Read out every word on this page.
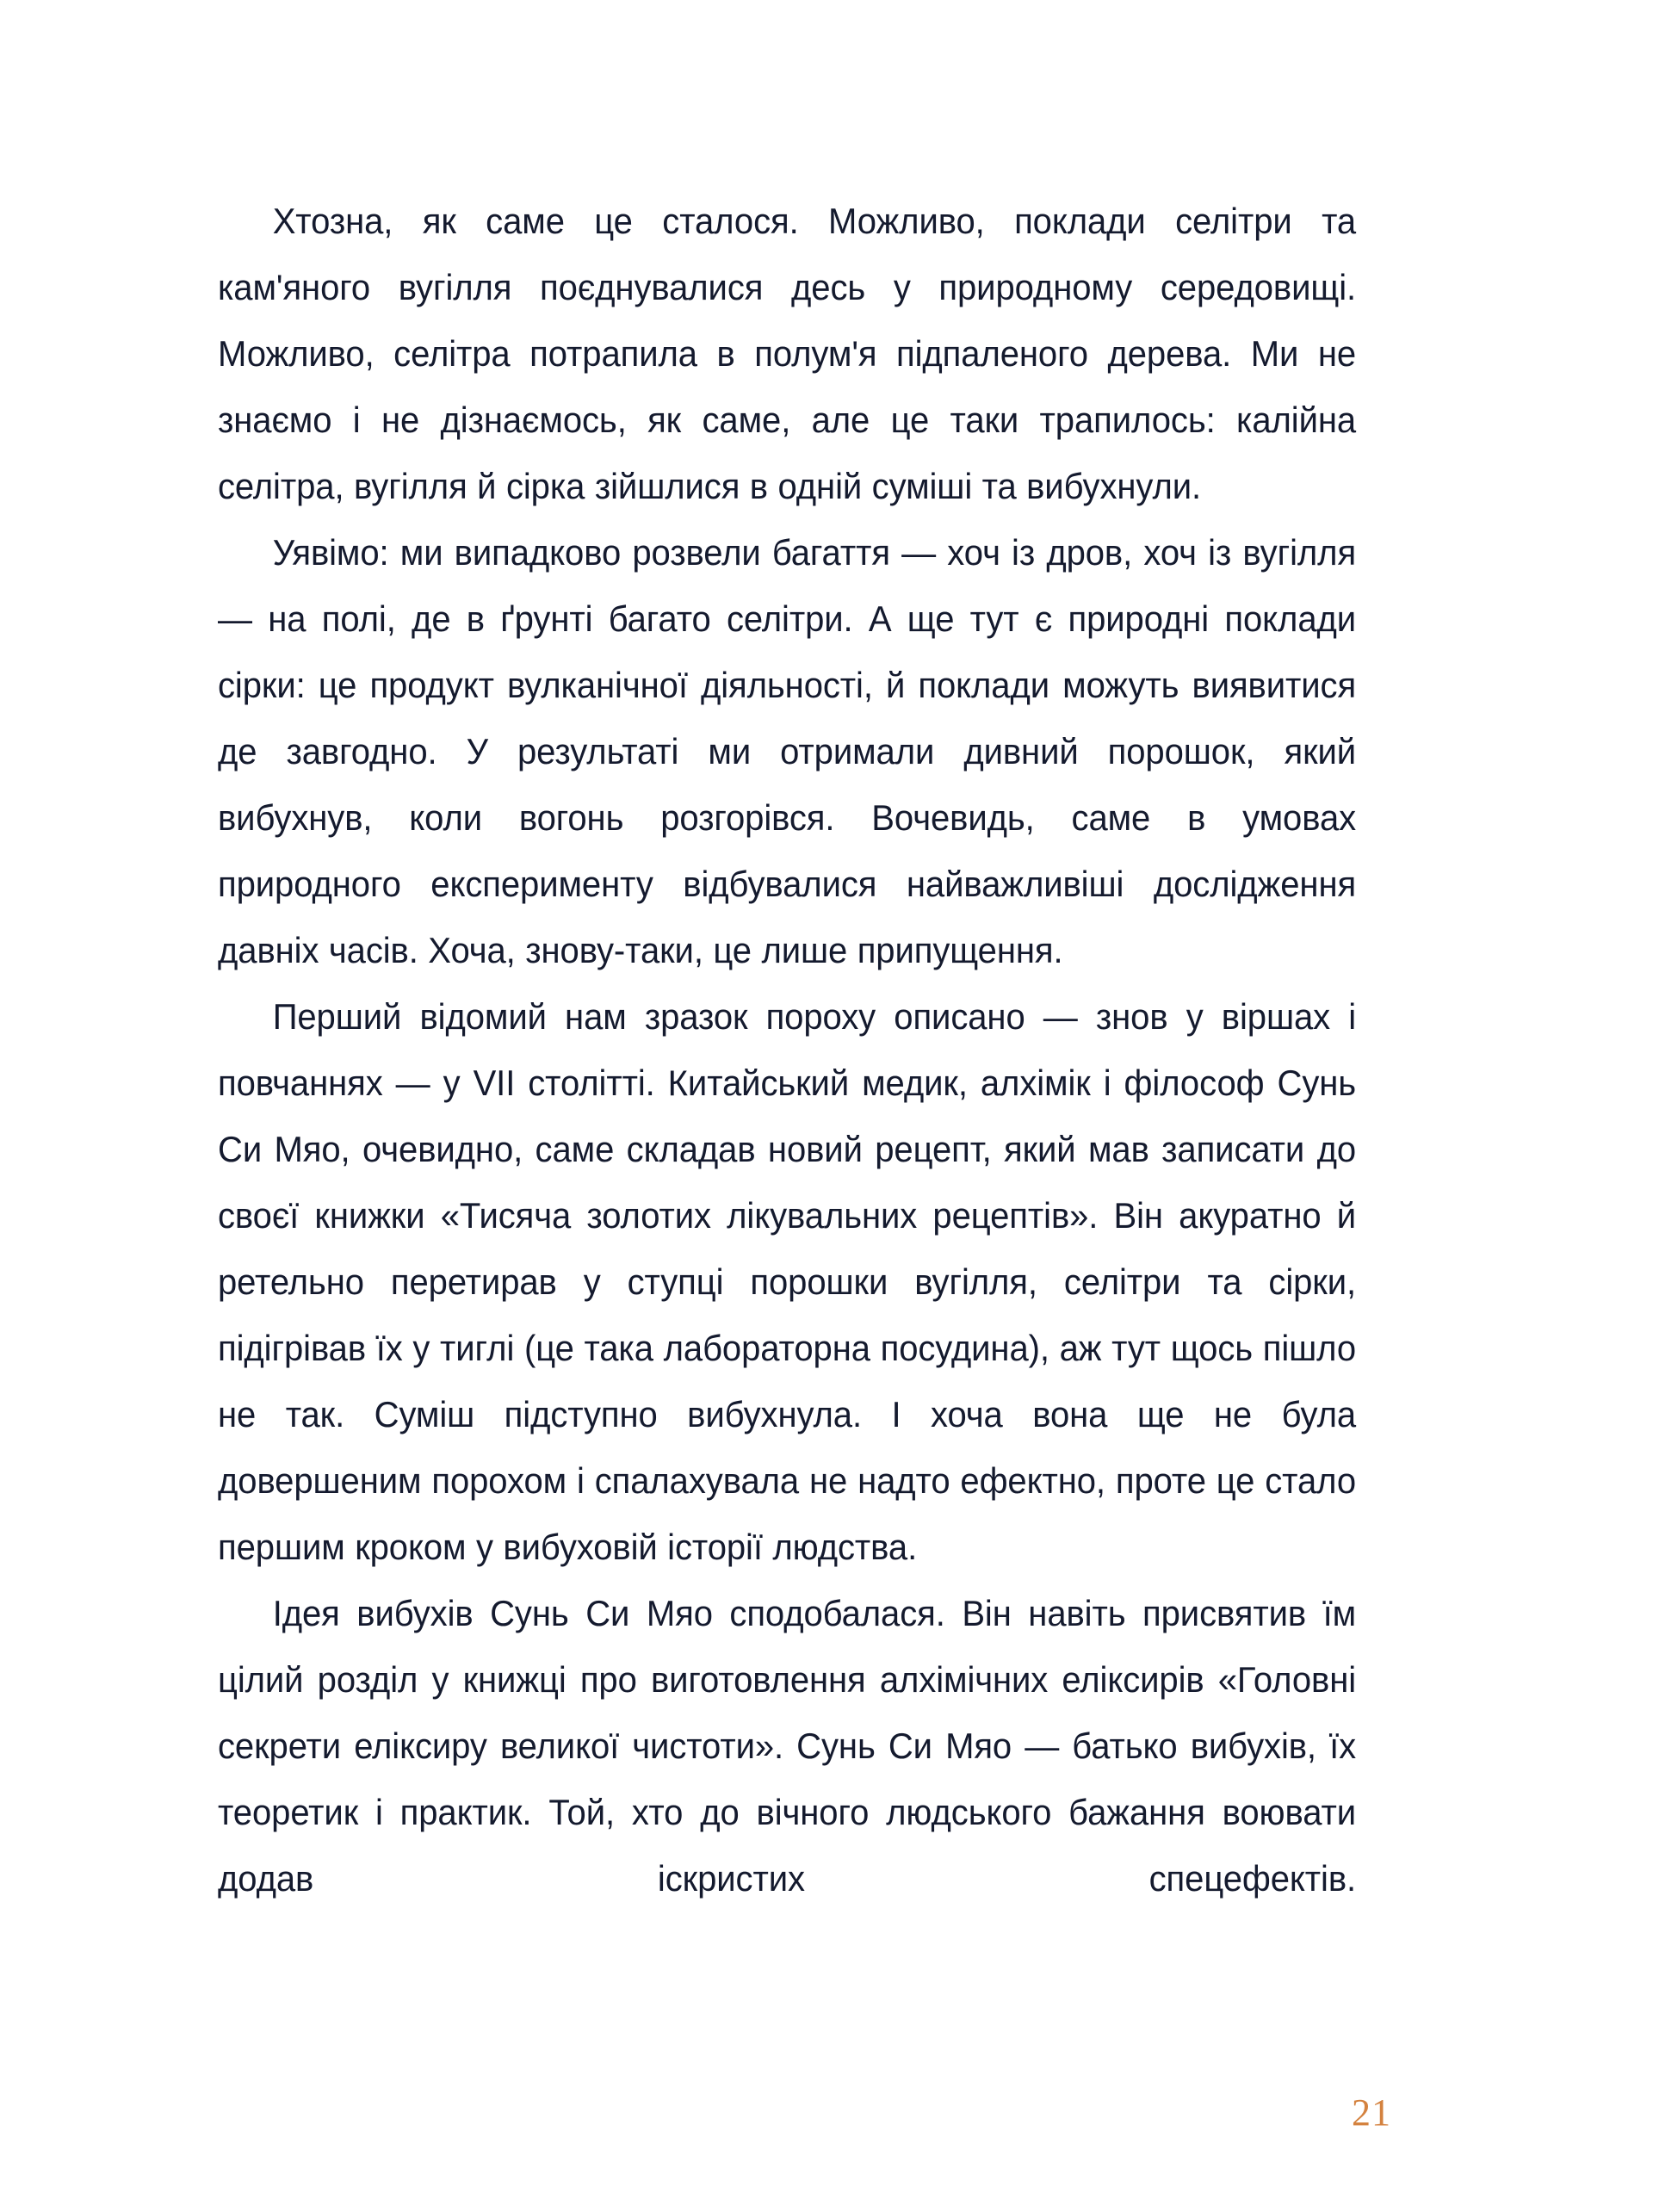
Хтозна, як саме це сталося. Можливо, поклади селітри та кам'яного вугілля поєднувалися десь у природному середовищі. Можливо, селітра потрапила в полум'я підпаленого дерева. Ми не знаємо і не дізнаємось, як саме, але це таки трапилось: калійна селітра, вугілля й сірка зійшлися в одній суміші та вибухнули.

Уявімо: ми випадково розвели багаття — хоч із дров, хоч із вугілля — на полі, де в ґрунті багато селітри. А ще тут є природні поклади сірки: це продукт вулканічної діяльності, й поклади можуть виявитися де завгодно. У результаті ми отримали дивний порошок, який вибухнув, коли вогонь розгорівся. Вочевидь, саме в умовах природного експерименту відбувалися найважливіші дослідження давніх часів. Хоча, знову-таки, це лише припущення.

Перший відомий нам зразок пороху описано — знов у віршах і повчаннях — у VII столітті. Китайський медик, алхімік і філософ Сунь Си Мяо, очевидно, саме складав новий рецепт, який мав записати до своєї книжки «Тисяча золотих лікувальних рецептів». Він акуратно й ретельно перетирав у ступці порошки вугілля, селітри та сірки, підігрівав їх у тиглі (це така лабораторна посудина), аж тут щось пішло не так. Суміш підступно вибухнула. І хоча вона ще не була довершеним порохом і спалахувала не надто ефектно, проте це стало першим кроком у вибуховій історії людства.

Ідея вибухів Сунь Си Мяо сподобалася. Він навіть присвятив їм цілий розділ у книжці про виготовлення алхімічних еліксирів «Головні секрети еліксиру великої чистоти». Сунь Си Мяо — батько вибухів, їх теоретик і практик. Той, хто до вічного людського бажання воювати додав іскристих спецефектів.

21
